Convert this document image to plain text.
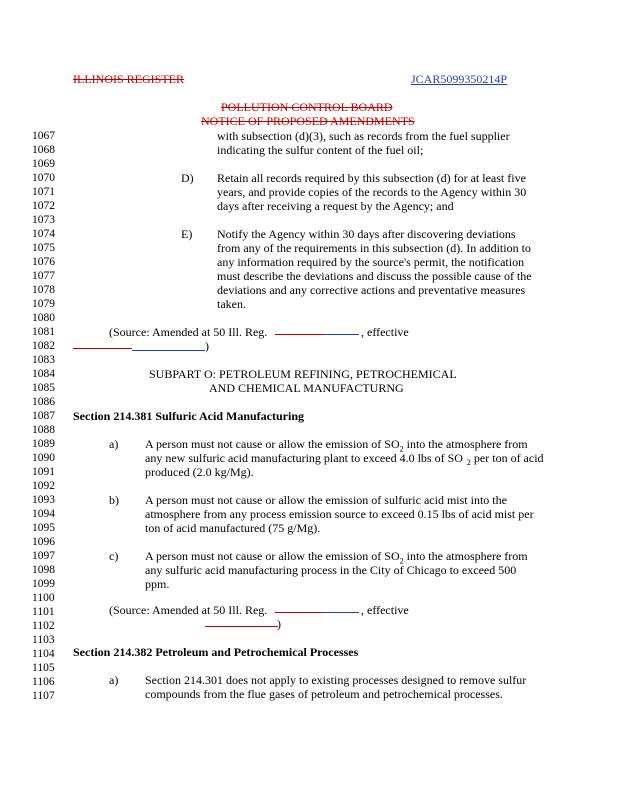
ILLINOIS REGISTER	JCAR5099350214P
POLLUTION CONTROL BOARD
NOTICE OF PROPOSED AMENDMENTS
1067
1068
1069
1070
1071
1072
1073
1074
1075
1076
1077
1078
1079
1080
1081
1082
1083
1084
1085
1086
1087
1088
1089
1090
1091
1092
1093
1094
1095
1096
1097
1098
1099
1100
1101
1102
1103
1104
1105
1106
1107
with subsection (d)(3), such as records from the fuel supplier
indicating the sulfur content of the fuel oil;
D) Retain all records required by this subsection (d) for at least five
years, and provide copies of the records to the Agency within 30
days after receiving a request by the Agency; and
E) Notify the Agency within 30 days after discovering deviations
from any of the requirements in this subsection (d). In addition to
any information required by the source's permit, the notification
must describe the deviations and discuss the possible cause of the
deviations and any corrective actions and preventative measures
taken.
(Source: Amended at 50 Ill. Reg.	, effective
)
SUBPART O: PETROLEUM REFINING, PETROCHEMICAL
AND CHEMICAL MANUFACTURNG
Section 214.381 Sulfuric Acid Manufacturing
a) A person must not cause or allow the emission of $SO_2$ into the atmosphere from
any new sulfuric acid manufacturing plant to exceed 4.0 lbs of SO $_2$ per ton of acid
produced (2.0 kg/Mg).
b) A person must not cause or allow the emission of sulfuric acid mist into the
atmosphere from any process emission source to exceed 0.15 lbs of acid mist per
ton of acid manufactured (75 g/Mg).
c) A person must not cause or allow the emission of $SO_2$ into the atmosphere from
any sulfuric acid manufacturing process in the City of Chicago to exceed 500
ppm.
(Source: Amended at 50 Ill. Reg.	, effective
)
Section 214.382 Petroleum and Petrochemical Processes
a) Section 214.301 does not apply to existing processes designed to remove sulfur
compounds from the flue gases of petroleum and petrochemical processes.
